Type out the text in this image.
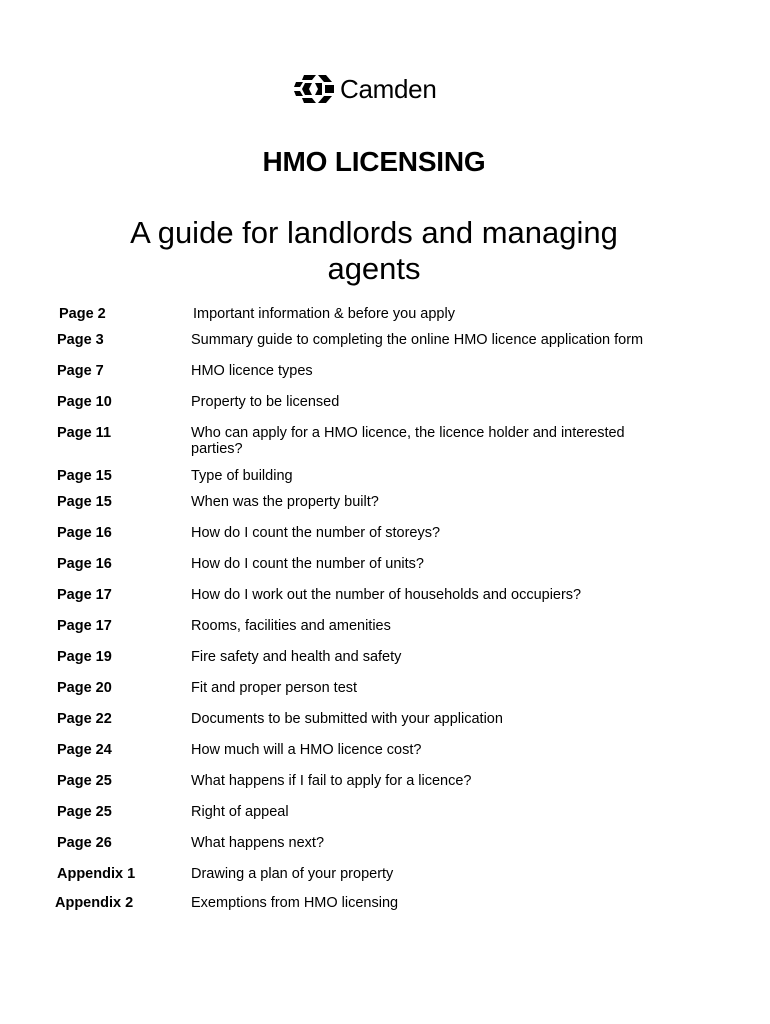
Camden
HMO LICENSING
A guide for landlords and managing agents
Page 2	Important information & before you apply
Page 3	Summary guide to completing the online HMO licence application form
Page 7	HMO licence types
Page 10	Property to be licensed
Page 11	Who can apply for a HMO licence, the licence holder and interested parties?
Page 15	Type of building
Page 15	When was the property built?
Page 16	How do I count the number of storeys?
Page 16	How do I count the number of units?
Page 17	How do I work out the number of households and occupiers?
Page 17	Rooms, facilities and amenities
Page 19	Fire safety and health and safety
Page 20	Fit and proper person test
Page 22	Documents to be submitted with your application
Page 24	How much will a HMO licence cost?
Page 25	What happens if I fail to apply for a licence?
Page 25	Right of appeal
Page 26	What happens next?
Appendix 1	Drawing a plan of your property
Appendix 2	Exemptions from HMO licensing
